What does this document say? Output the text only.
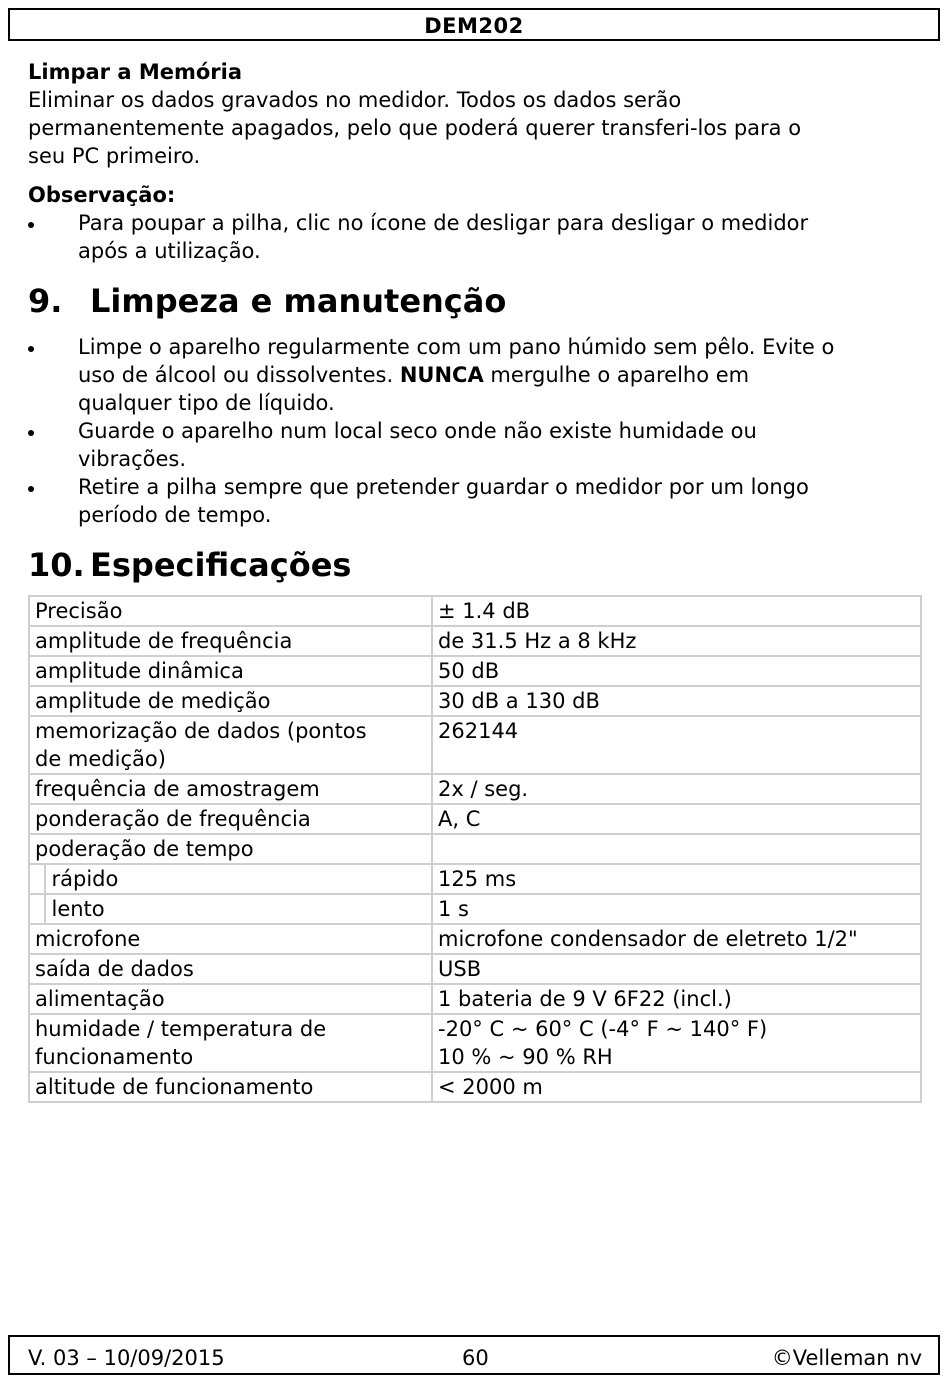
DEM202
Limpar a Memória

Eliminar os dados gravados no medidor. Todos os dados serão
permanentemente apagados, pelo que poderá querer transferi-los para o
seu PC primeiro.

Observação:
Para poupar a pilha, clic no ícone de desligar para desligar o medidor
após a utilização.
9. Limpeza e manutenção
Limpe o aparelho regularmente com um pano húmido sem pêlo. Evite o
uso de álcool ou dissolventes. NUNCA mergulhe o aparelho em
qualquer tipo de líquido.
Guarde o aparelho num local seco onde não existe humidade ou
vibrações.
Retire a pilha sempre que pretender guardar o medidor por um longo
período de tempo.
10. Especificações
Precisão		± 1.4 dB
amplitude de frequência		de 31.5 Hz a 8 kHz
amplitude dinâmica		50 dB
amplitude de medição		30 dB a 130 dB
memorização de dados (pontos
de medição)		262144
frequência de amostragem		2x / seg.
ponderação de frequência		A, C
poderação de tempo		
	rápido	125 ms
	lento	1 s
microfone		microfone condensador de eletreto 1/2"
saída de dados		USB
alimentação		1 bateria de 9 V 6F22 (incl.)
humidade / temperatura de
funcionamento		-20° C ~ 60° C (-4° F ~ 140° F)
10 % ~ 90 % RH
altitude de funcionamento		< 2000 m
V. 03 – 10/09/2015	60	©Velleman nv
